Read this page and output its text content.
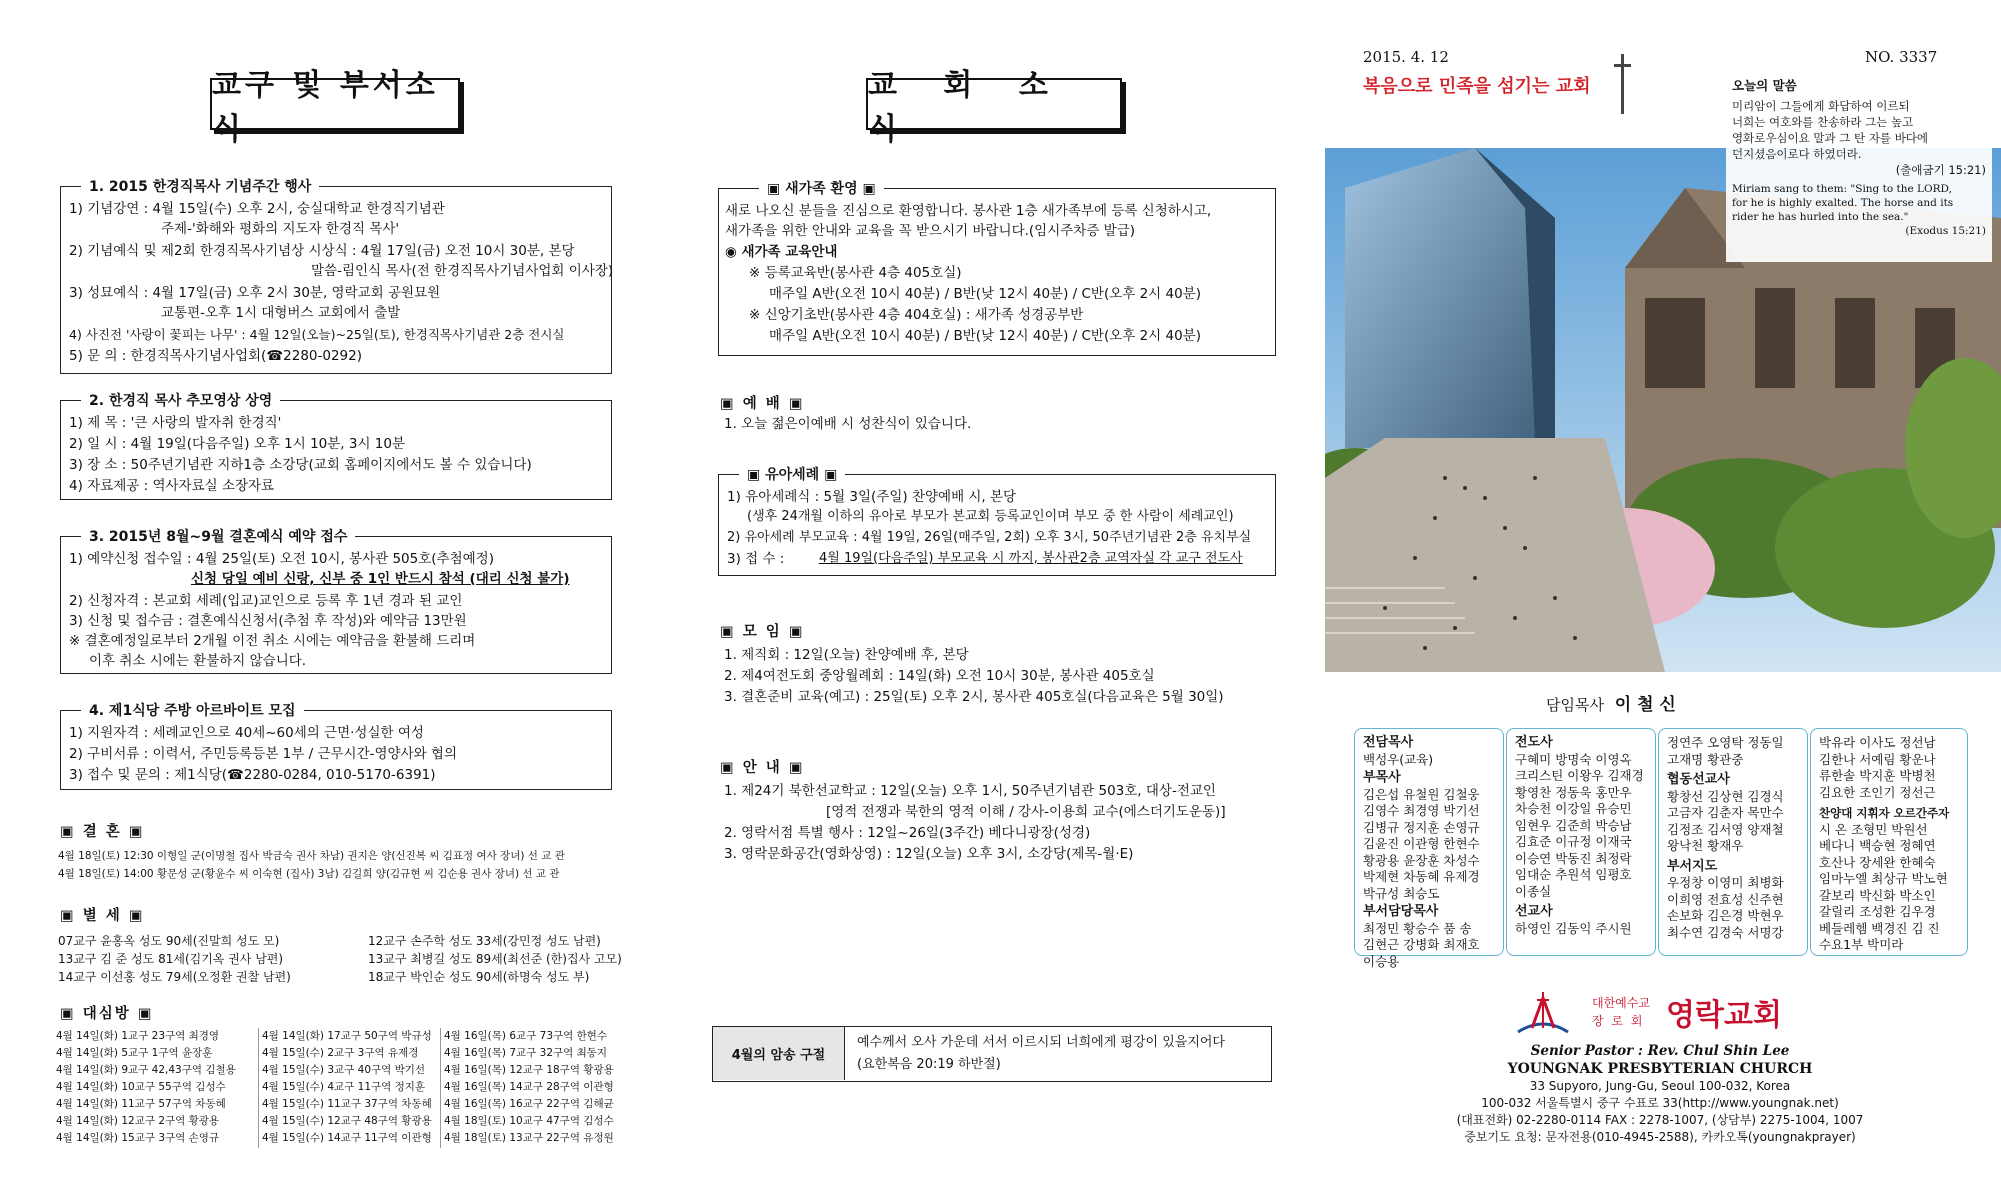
교구 및 부서소식
1. 2015 한경직목사 기념주간 행사
1) 기념강연 : 4월 15일(수) 오후 2시, 숭실대학교 한경직기념관
주제-'화해와 평화의 지도자 한경직 목사'
2) 기념예식 및 제2회 한경직목사기념상 시상식 : 4월 17일(금) 오전 10시 30분, 본당
말씀-림인식 목사(전 한경직목사기념사업회 이사장)
3) 성묘예식 : 4월 17일(금) 오후 2시 30분, 영락교회 공원묘원
교통편-오후 1시 대형버스 교회에서 출발
4) 사진전 '사랑이 꽃피는 나무' : 4월 12일(오늘)~25일(토), 한경직목사기념관 2층 전시실
5) 문 의 : 한경직목사기념사업회(☎2280-0292)
2. 한경직 목사 추모영상 상영
1) 제 목 : '큰 사랑의 발자취 한경직'
2) 일 시 : 4월 19일(다음주일) 오후 1시 10분, 3시 10분
3) 장 소 : 50주년기념관 지하1층 소강당(교회 홈페이지에서도 볼 수 있습니다)
4) 자료제공 : 역사자료실 소장자료
3. 2015년 8월~9월 결혼예식 예약 접수
1) 예약신청 접수일 : 4월 25일(토) 오전 10시, 봉사관 505호(추첨예정)
신청 당일 예비 신랑, 신부 중 1인 반드시 참석 (대리 신청 불가)
2) 신청자격 : 본교회 세례(입교)교인으로 등록 후 1년 경과 된 교인
3) 신청 및 접수금 : 결혼예식신청서(추첨 후 작성)와 예약금 13만원
※ 결혼예정일로부터 2개월 이전 취소 시에는 예약금을 환불해 드리며
이후 취소 시에는 환불하지 않습니다.
4. 제1식당 주방 아르바이트 모집
1) 지원자격 : 세례교인으로 40세~60세의 근면·성실한 여성
2) 구비서류 : 이력서, 주민등록등본 1부 / 근무시간-영양사와 협의
3) 접수 및 문의 : 제1식당(☎2280-0284, 010-5170-6391)
▣ 결 혼 ▣
4월 18일(토) 12:30 이형일 군(이명철 집사 박금숙 권사 차남) 권지은 양(신진복 씨 김표정 여사 장녀) 선 교 관
4월 18일(토) 14:00 황문성 군(황윤수 씨 이숙현 (집사) 3남) 김길희 양(김규현 씨 김순용 권사 장녀) 선 교 관
▣ 별 세 ▣
07교구 윤홍옥 성도 90세(진말희 성도 모)
13교구 김 준 성도 81세(김기옥 권사 남편)
14교구 이선홍 성도 79세(오정환 권찰 남편)
12교구 손주학 성도 33세(강민정 성도 남편)
13교구 최병길 성도 89세(최선준 (한)집사 고모)
18교구 박인순 성도 90세(하명숙 성도 부)
▣ 대심방 ▣
4월 14일(화) 1교구 23구역 최경영
4월 14일(화) 5교구 1구역 윤장훈
4월 14일(화) 9교구 42,43구역 김철용
4월 14일(화) 10교구 55구역 김성수
4월 14일(화) 11교구 57구역 차동혜
4월 14일(화) 12교구 2구역 황광용
4월 14일(화) 15교구 3구역 손영규
4월 14일(화) 17교구 50구역 박규성
4월 15일(수) 2교구 3구역 유제경
4월 15일(수) 3교구 40구역 박기선
4월 15일(수) 4교구 11구역 정지훈
4월 15일(수) 11교구 37구역 차동혜
4월 15일(수) 12교구 48구역 황광용
4월 15일(수) 14교구 11구역 이관형
4월 16일(목) 6교구 73구역 한현수
4월 16일(목) 7교구 32구역 최동지
4월 16일(목) 12교구 18구역 황광용
4월 16일(목) 14교구 28구역 이관형
4월 16일(목) 16교구 22구역 김해균
4월 18일(토) 10교구 47구역 김성수
4월 18일(토) 13교구 22구역 유정원
교 회 소 식
▣ 새가족 환영 ▣
새로 나오신 분들을 진심으로 환영합니다. 봉사관 1층 새가족부에 등록 신청하시고,
새가족을 위한 안내와 교육을 꼭 받으시기 바랍니다.(임시주차증 발급)
◉ 새가족 교육안내
※ 등록교육반(봉사관 4층 405호실)
매주일 A반(오전 10시 40분) / B반(낮 12시 40분) / C반(오후 2시 40분)
※ 신앙기초반(봉사관 4층 404호실) : 새가족 성경공부반
매주일 A반(오전 10시 40분) / B반(낮 12시 40분) / C반(오후 2시 40분)
▣ 예 배 ▣
1. 오늘 젊은이예배 시 성찬식이 있습니다.
▣ 유아세례 ▣
1) 유아세례식 : 5월 3일(주일) 찬양예배 시, 본당
(생후 24개월 이하의 유아로 부모가 본교회 등록교인이며 부모 중 한 사람이 세례교인)
2) 유아세례 부모교육 : 4월 19일, 26일(매주일, 2회) 오후 3시, 50주년기념관 2층 유치부실
3) 접 수 :	4월 19일(다음주일) 부모교육 시 까지, 봉사관2층 교역자실 각 교구 전도사
▣ 모 임 ▣
1. 제직회 : 12일(오늘) 찬양예배 후, 본당
2. 제4여전도회 중앙월례회 : 14일(화) 오전 10시 30분, 봉사관 405호실
3. 결혼준비 교육(예고) : 25일(토) 오후 2시, 봉사관 405호실(다음교육은 5월 30일)
▣ 안 내 ▣
1. 제24기 북한선교학교 : 12일(오늘) 오후 1시, 50주년기념관 503호, 대상-전교인
[영적 전쟁과 북한의 영적 이해 / 강사-이용희 교수(에스더기도운동)]
2. 영락서점 특별 행사 : 12일~26일(3주간) 베다니광장(성경)
3. 영락문화공간(영화상영) : 12일(오늘) 오후 3시, 소강당(제목-월·E)
4월의 암송 구절
예수께서 오사 가운데 서서 이르시되 너희에게 평강이 있을지어다
(요한복음 20:19 하반절)
2015. 4. 12
복음으로 민족을 섬기는 교회
NO. 3337
오늘의 말씀
미리암이 그들에게 화답하여 이르되
너희는 여호와를 찬송하라 그는 높고
영화로우심이요 말과 그 탄 자를 바다에
던지셨음이로다 하였더라.
(출애굽기 15:21)
Miriam sang to them: "Sing to the LORD,
for he is highly exalted. The horse and its
rider he has hurled into the sea."
(Exodus 15:21)
담임목사 이 철 신
전담목사
백성우(교육)
부목사
김은섭 유철원 김철웅
김영수 최경영 박기선
김병규 정지훈 손영규
김윤진 이관형 한현수
황광용 윤장훈 차성수
박제현 차동혜 유제경
박규성 최승도
부서담당목사
최정민 황승수 품 송
김현근 강병화 최재호
이승용
전도사
구혜미 방명숙 이영옥
크리스틴 이왕우 김재경
황영찬 정동욱 홍만우
차승천 이강일 유승민
임현우 김준희 박승남
김효준 이규정 이재국
이승연 박동진 최정락
임대순 추원석 임평호
이종실
선교사
하영인 김동익 주시원
정연주 오영탁 정동일
고재명 황관중
협동선교사
황창선 김상현 김경식
고금자 김춘자 목만수
김정조 김서영 양재철
왕낙천 황재우
부서지도
우정창 이영미 최병화
이희영 전효성 신주현
손보화 김은경 박현우
최수연 김경숙 서명강
박유라 이사도 정선남
김한나 서예림 황운나
류한솔 박지훈 박병천
김요한 조인기 정선근
찬양대 지휘자 오르간주자
시 온 조형민 박원선
베다니 백승현 정혜연
호산나 장세완 한혜숙
임마누엘 최상규 박노현
갈보리 박신화 박소인
갈릴리 조성환 김우경
베들레헴 백경진 김 진
수요1부 박미라
대한예수교
장 로 회 영락교회
Senior Pastor : Rev. Chul Shin Lee
YOUNGNAK PRESBYTERIAN CHURCH
33 Supyoro, Jung-Gu, Seoul 100-032, Korea
100-032 서울특별시 중구 수표로 33(http://www.youngnak.net)
(대표전화) 02-2280-0114 FAX : 2278-1007, (상담부) 2275-1004, 1007
중보기도 요청: 문자전용(010-4945-2588), 카카오톡(youngnakprayer)
